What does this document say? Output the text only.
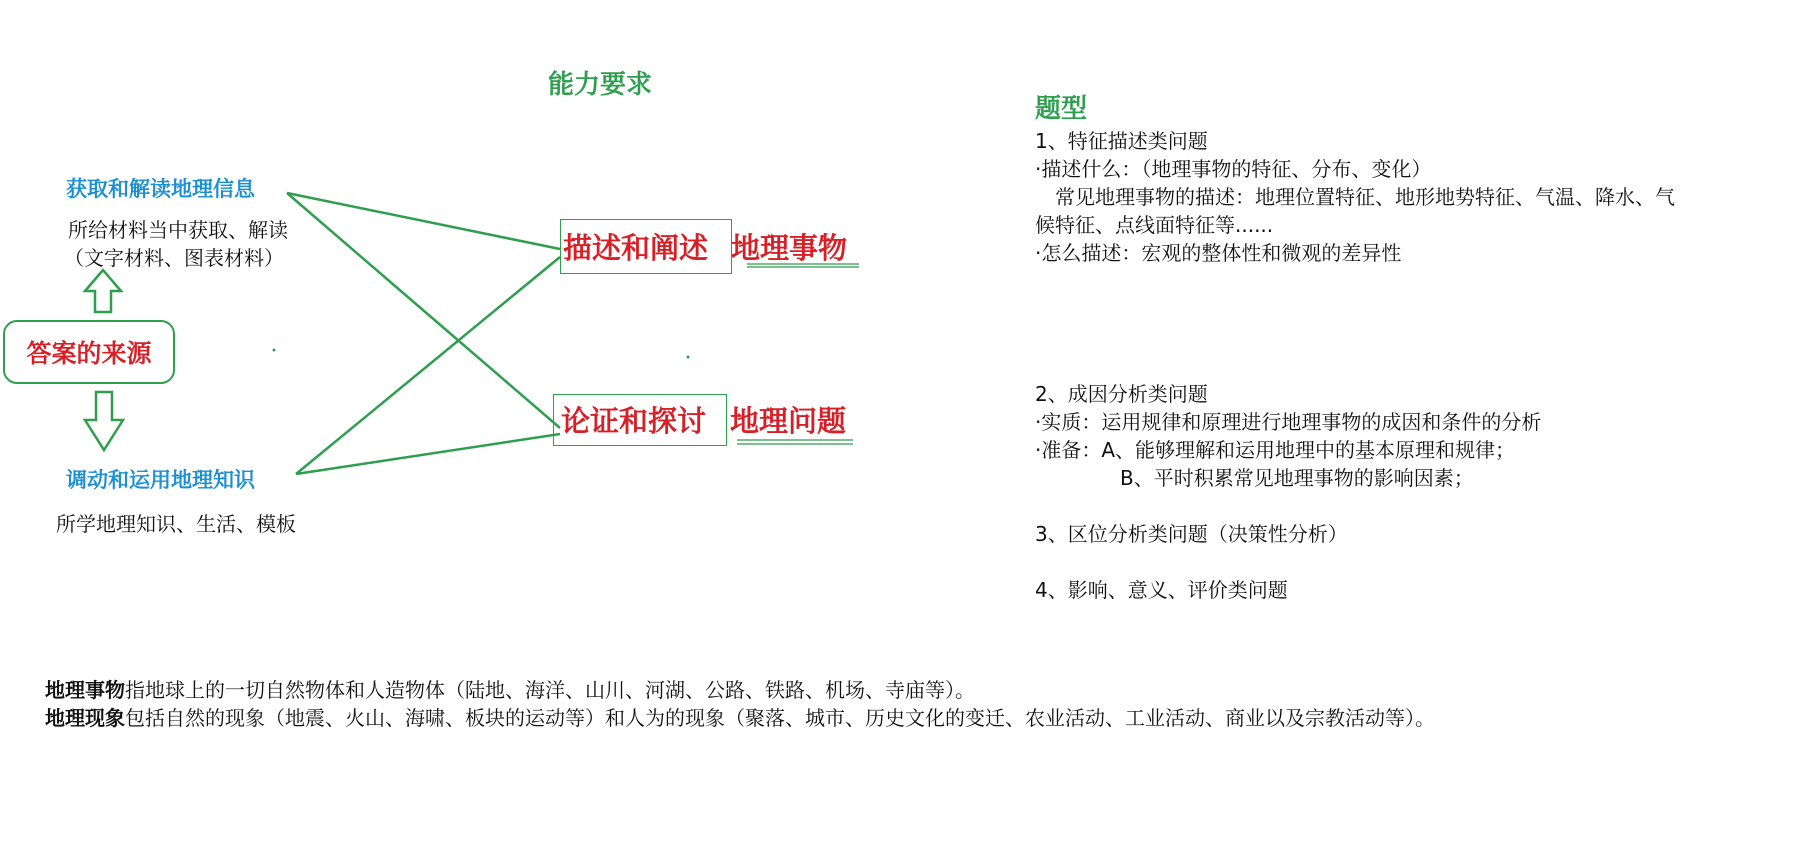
能力要求
获取和解读地理信息
所给材料当中获取、解读
（文字材料、图表材料）
答案的来源
调动和运用地理知识
所学地理知识、生活、模板
描述和阐述 地理事物
论证和探讨 地理问题
题型
1、特征描述类问题
·描述什么：（地理事物的特征、分布、变化）
常见地理事物的描述：地理位置特征、地形地势特征、气温、降水、气
候特征、点线面特征等......
·怎么描述：宏观的整体性和微观的差异性
2、成因分析类问题
·实质：运用规律和原理进行地理事物的成因和条件的分析
·准备：A、能够理解和运用地理中的基本原理和规律；
B、平时积累常见地理事物的影响因素；
3、区位分析类问题（决策性分析）
4、影响、意义、评价类问题
地理事物指地球上的一切自然物体和人造物体（陆地、海洋、山川、河湖、公路、铁路、机场、寺庙等）。
地理现象包括自然的现象（地震、火山、海啸、板块的运动等）和人为的现象（聚落、城市、历史文化的变迁、农业活动、工业活动、商业以及宗教活动等）。
